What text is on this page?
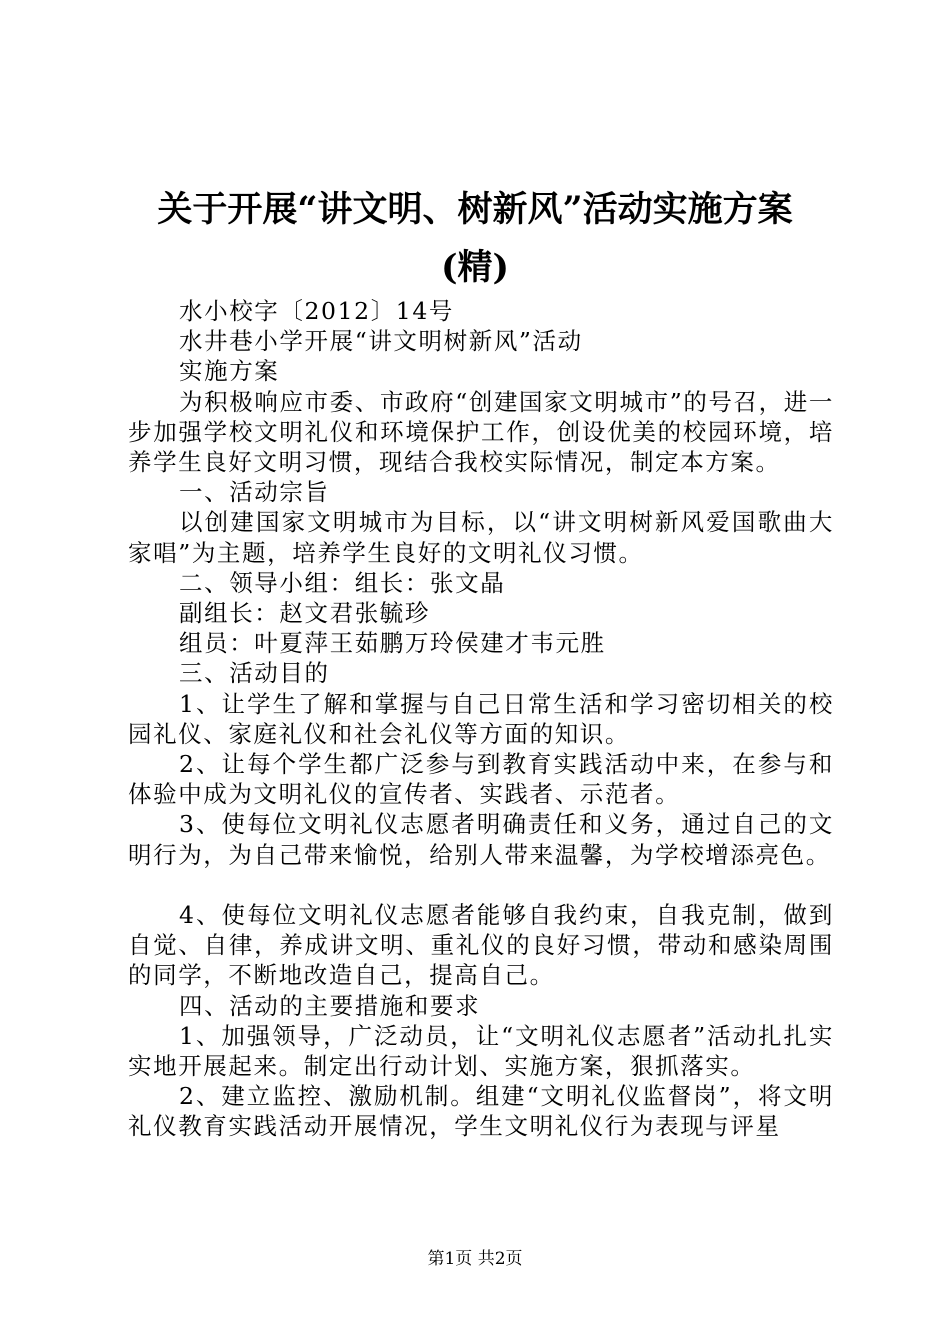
关于开展“讲文明、树新风”活动实施方案
(精)

水小校字〔2012〕14号

水井巷小学开展“讲文明树新风”活动

实施方案

为积极响应市委、市政府“创建国家文明城市”的号召，进一步加强学校文明礼仪和环境保护工作，创设优美的校园环境，培养学生良好文明习惯，现结合我校实际情况，制定本方案。

一、活动宗旨

以创建国家文明城市为目标，以“讲文明树新风爱国歌曲大家唱”为主题，培养学生良好的文明礼仪习惯。

二、领导小组：组长：张文晶

副组长：赵文君张毓珍

组员：叶夏萍王茹鹏万玲侯建才韦元胜

三、活动目的

1、让学生了解和掌握与自己日常生活和学习密切相关的校园礼仪、家庭礼仪和社会礼仪等方面的知识。

2、让每个学生都广泛参与到教育实践活动中来，在参与和体验中成为文明礼仪的宣传者、实践者、示范者。

3、使每位文明礼仪志愿者明确责任和义务，通过自己的文明行为，为自己带来愉悦，给别人带来温馨，为学校增添亮色。

4、使每位文明礼仪志愿者能够自我约束，自我克制，做到自觉、自律，养成讲文明、重礼仪的良好习惯，带动和感染周围的同学，不断地改造自己，提高自己。

四、活动的主要措施和要求

1、加强领导，广泛动员，让“文明礼仪志愿者”活动扎扎实实地开展起来。制定出行动计划、实施方案，狠抓落实。

2、建立监控、激励机制。组建“文明礼仪监督岗”，将文明礼仪教育实践活动开展情况，学生文明礼仪行为表现与评星

第1页 共2页
